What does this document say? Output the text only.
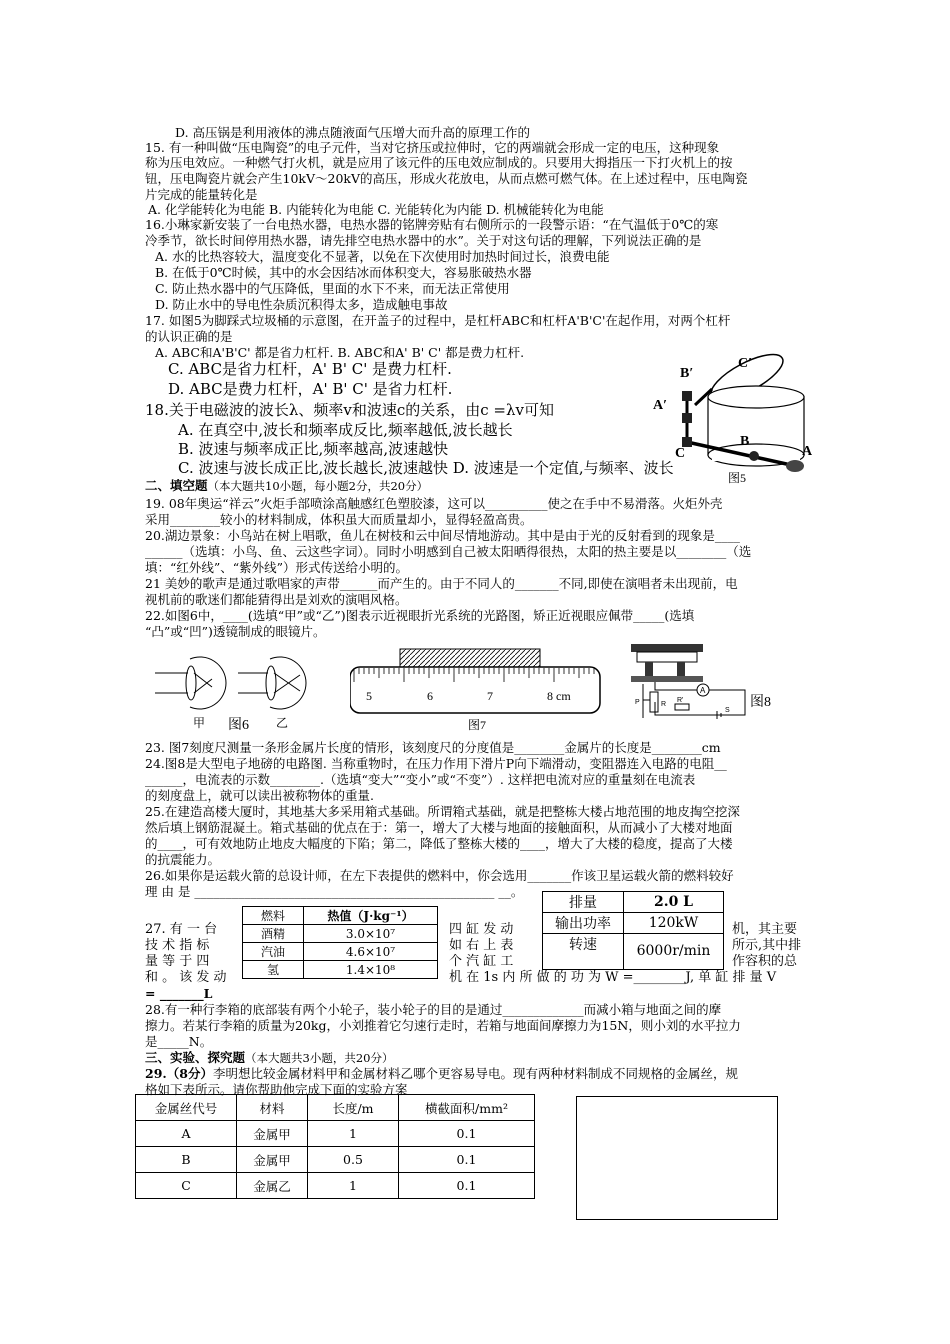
D. 高压锅是利用液体的沸点随液面气压增大而升高的原理工作的
15. 有一种叫做“压电陶瓷”的电子元件，当对它挤压或拉伸时，它的两端就会形成一定的电压，这种现象
称为压电效应。一种燃气打火机，就是应用了该元件的压电效应制成的。只要用大拇指压一下打火机上的按
钮，压电陶瓷片就会产生10kV～20kV的高压，形成火花放电，从而点燃可燃气体。在上述过程中，压电陶瓷
片完成的能量转化是
A. 化学能转化为电能 B. 内能转化为电能 C. 光能转化为内能 D. 机械能转化为电能
16.小琳家新安装了一台电热水器，电热水器的铭牌旁贴有右侧所示的一段警示语：“在气温低于0℃的寒
冷季节，欲长时间停用热水器，请先排空电热水器中的水”。关于对这句话的理解，下列说法正确的是
A. 水的比热容较大，温度变化不显著，以免在下次使用时加热时间过长，浪费电能
B. 在低于0℃时候，其中的水会因结冰而体积变大，容易胀破热水器
C. 防止热水器中的气压降低，里面的水下不来，而无法正常使用
D. 防止水中的导电性杂质沉积得太多，造成触电事故
17. 如图5为脚踩式垃圾桶的示意图，在开盖子的过程中，是杠杆ABC和杠杆A'B'C'在起作用，对两个杠杆
的认识正确的是
A. ABC和A'B'C' 都是省力杠杆. B. ABC和A' B' C' 都是费力杠杆.
C. ABC是省力杠杆，A' B' C' 是费力杠杆.
D. ABC是费力杠杆，A' B' C' 是省力杠杆.
18.关于电磁波的波长λ、频率v和波速c的关系，由c =λv可知
A. 在真空中,波长和频率成反比,频率越低,波长越长
B. 波速与频率成正比,频率越高,波速越快
C. 波速与波长成正比,波长越长,波速越快 D. 波速是一个定值,与频率、波长
C′
B′
A′
C
B
A
图5
二、填空题（本大题共10小题，每小题2分，共20分）
19. 08年奥运“祥云”火炬手部喷涂高触感红色塑胶漆，这可以__________使之在手中不易滑落。火炬外壳
采用________较小的材料制成，体积虽大而质量却小，显得轻盈高贵。
20.湖边景象：小鸟站在树上唱歌，鱼儿在树枝和云中间尽情地游动。其中是由于光的反射看到的现象是____
______（选填：小鸟、鱼、云这些字词）。同时小明感到自己被太阳晒得很热，太阳的热主要是以________（选
填：“红外线”、“紫外线”）形式传送给小明的。
21 美妙的歌声是通过歌唱家的声带______而产生的。由于不同人的_______不同,即使在演唱者未出现前，电
视机前的歌迷们都能猜得出是刘欢的演唱风格。
22.如图6中，____(选填“甲”或“乙”)图表示近视眼折光系统的光路图，矫正近视眼应佩带_____(选填
“凸”或“凹”)透镜制成的眼镜片。
甲 图6 乙
5	6	7	8 cm
图7
A
R
R'
P
S
图8
23. 图7刻度尺测量一条形金属片长度的情形，该刻度尺的分度值是________金属片的长度是________cm
24.图8是大型电子地磅的电路图. 当称重物时，在压力作用下滑片P向下端滑动，变阻器连入电路的电阻__
______，电流表的示数________.（选填“变大”“变小”或“不变”）. 这样把电流对应的重量刻在电流表
的刻度盘上，就可以读出被称物体的重量.
25.在建造高楼大厦时，其地基大多采用箱式基础。所谓箱式基础，就是把整栋大楼占地范围的地皮掏空挖深
然后填上钢筋混凝土。箱式基础的优点在于：第一，增大了大楼与地面的接触面积，从而减小了大楼对地面
的____，可有效地防止地皮大幅度的下陷；第二，降低了整栋大楼的____，增大了大楼的稳度，提高了大楼
的抗震能力。
26.如果你是运载火箭的总设计师，在左下表提供的燃料中，你会选用_______作该卫星运载火箭的燃料较好
理 由 是 ________________________________________________ __。
燃料	热值（J·kg⁻¹）
酒精	3.0×10⁷
汽油	4.6×10⁷
氢	1.4×10⁸
排量	2.0 L
输出功率	120kW
转速	6000r/min
27. 有 一 台
技 术 指 标
量 等 于 四
和 。 该 发 动
= _______L
四 缸 发 动
如 右 上 表
个 汽 缸 工
机，其主要
所示,其中排
作容积的总
机 在 1s 内 所 做 的 功 为 W =________J, 单 缸 排 量 V
28.有一种行李箱的底部装有两个小轮子，装小轮子的目的是通过_____________而减小箱与地面之间的摩
擦力。若某行李箱的质量为20kg，小刘推着它匀速行走时，若箱与地面间摩擦力为15N，则小刘的水平拉力
是_____N。
三、实验、探究题（本大题共3小题，共20分）
29.（8分）李明想比较金属材料甲和金属材料乙哪个更容易导电。现有两种材料制成不同规格的金属丝，规
格如下表所示。请你帮助他完成下面的实验方案
金属丝代号	材料	长度/m	横截面积/mm²
A	金属甲	1	0.1
B	金属甲	0.5	0.1
C	金属乙	1	0.1
